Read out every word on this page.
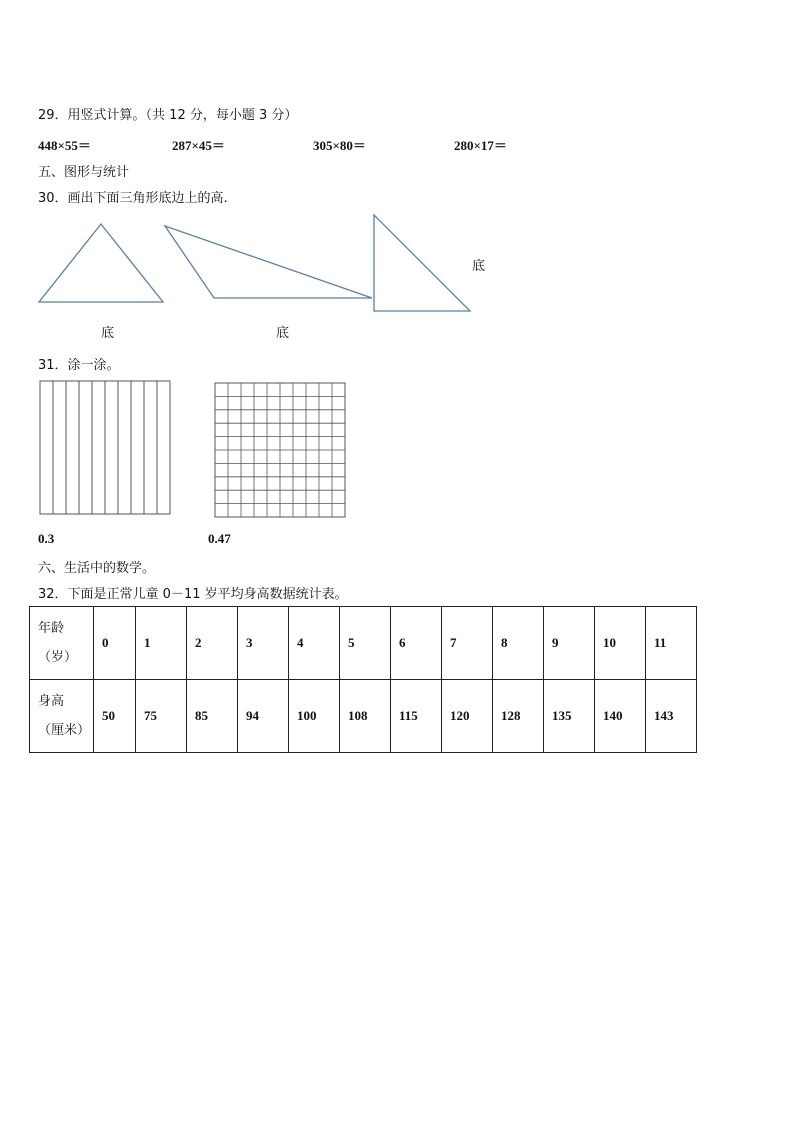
29．用竖式计算。（共 12 分，每小题 3 分）
448×55＝	287×45＝	305×80＝	280×17＝
五、图形与统计
30．画出下面三角形底边上的高.
底	底
底
31．涂一涂。
0.3	0.47
六、生活中的数学。
32．下面是正常儿童 0－11 岁平均身高数据统计表。
年龄
（岁）	0	1	2	3	4	5	6	7	8	9	10	11

身高
（厘米）	50	75	85	94	100	108	115	120	128	135	140	143
